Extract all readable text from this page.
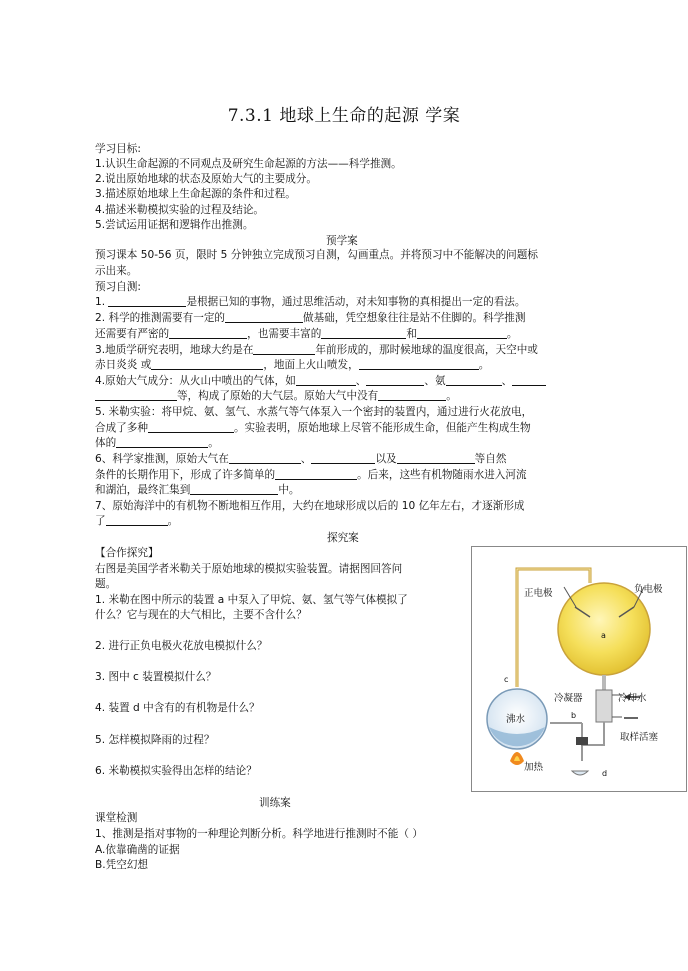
7.3.1 地球上生命的起源 学案
学习目标:
1.认识生命起源的不同观点及研究生命起源的方法——科学推测。
2.说出原始地球的状态及原始大气的主要成分。
3.描述原始地球上生命起源的条件和过程。
4.描述米勒模拟实验的过程及结论。
5.尝试运用证据和逻辑作出推测。
预学案
预习课本 50-56 页，限时 5 分钟独立完成预习自测，勾画重点。并将预习中不能解决的问题标
示出来。
预习自测:
1.	是根据已知的事物，通过思维活动，对未知事物的真相提出一定的看法。
2. 科学的推测需要有一定的	做基础，凭空想象往往是站不住脚的。科学推测
还需要有严密的	，也需要丰富的	和	。
3.地质学研究表明，地球大约是在	年前形成的，那时候地球的温度很高，天空中或
赤日炎炎 或	，地面上火山喷发，	。
4.原始大气成分：从火山中喷出的气体，如	、	、氨	、
等，构成了原始的大气层。原始大气中没有	。
5. 米勒实验：将甲烷、氨、氢气、水蒸气等气体泵入一个密封的装置内，通过进行火花放电，
合成了多种	。实验表明，原始地球上尽管不能形成生命，但能产生构成生物
体的	。
6、科学家推测，原始大气在	、	以及	等自然
条件的长期作用下，形成了许多简单的	。后来，这些有机物随雨水进入河流
和湖泊，最终汇集到	中。
7、原始海洋中的有机物不断地相互作用，大约在地球形成以后的 10 亿年左右，才逐渐形成
了	。
探究案
【合作探究】
右图是美国学者米勒关于原始地球的模拟实验装置。请据图回答问
题。
1. 米勒在图中所示的装置 a 中泵入了甲烷、氨、氢气等气体模拟了
什么？它与现在的大气相比，主要不含什么？
2. 进行正负电极火花放电模拟什么？
3. 图中 c 装置模拟什么？
4. 装置 d 中含有的有机物是什么？
5. 怎样模拟降雨的过程？
6. 米勒模拟实验得出怎样的结论？
正电极	负电极
a
c
沸水
冷凝器	冷却水
b
取样活塞
加热
d
训练案
课堂检测
1、推测是指对事物的一种理论判断分析。科学地进行推测时不能（ ）
A.依靠确凿的证据
B.凭空幻想
